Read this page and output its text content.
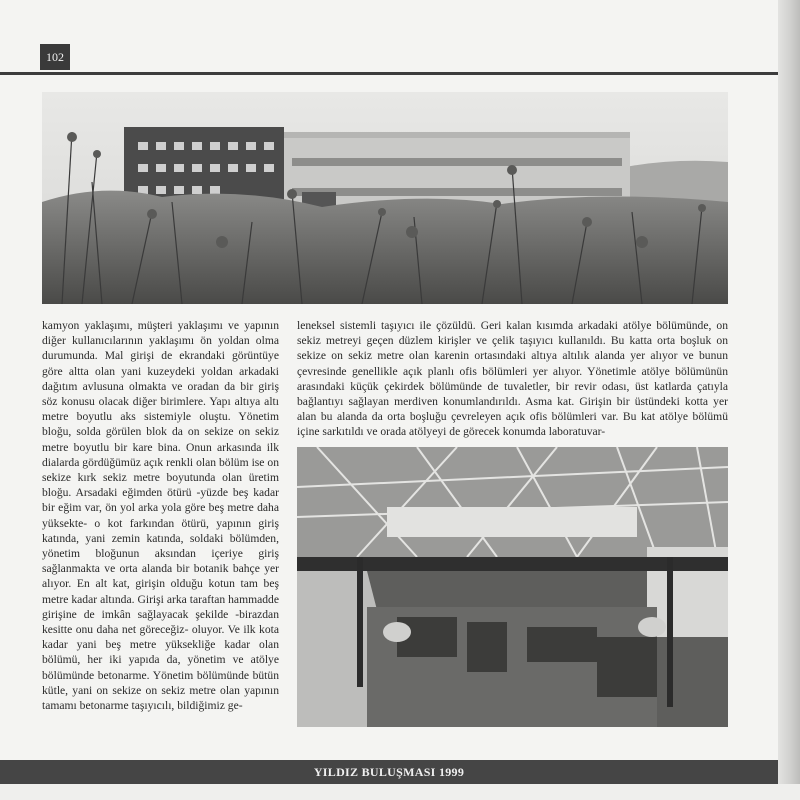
102
kamyon yaklaşımı, müşteri yaklaşımı ve yapının diğer kullanıcılarının yaklaşımı ön yoldan olma durumunda. Mal girişi de ekrandaki görüntüye göre altta olan yani kuzeydeki yoldan arkadaki dağıtım avlusuna olmakta ve oradan da bir giriş söz konusu olacak diğer birimlere. Yapı altıya altı metre boyutlu aks sistemiyle oluştu. Yönetim bloğu, solda görülen blok da on sekize on sekiz metre boyutlu bir kare bina. Onun arkasında ilk dialarda gördüğümüz açık renkli olan bölüm ise on sekize kırk sekiz metre boyutunda olan üretim bloğu. Arsadaki eğimden ötürü -yüzde beş kadar bir eğim var, ön yol arka yola göre beş metre daha yüksekte- o kot farkından ötürü, yapının giriş katında, yani zemin katında, soldaki bölümden, yönetim bloğunun aksından içeriye giriş sağlanmakta ve orta alanda bir botanik bahçe yer alıyor. En alt kat, girişin olduğu kotun tam beş metre kadar altında. Girişi arka taraftan hammadde girişine de imkân sağlayacak şekilde -birazdan kesitte onu daha net göreceğiz- oluyor. Ve ilk kota kadar yani beş metre yüksekliğe kadar olan bölümü, her iki yapıda da, yönetim ve atölye bölümünde betonarme. Yönetim bölümünde bütün kütle, yani on sekize on sekiz metre olan yapının tamamı betonarme taşıyıcılı, bildiğimiz ge-
leneksel sistemli taşıyıcı ile çözüldü. Geri kalan kısımda arkadaki atölye bölümünde, on sekiz metreyi geçen düzlem kirişler ve çelik taşıyıcı kullanıldı. Bu katta orta boşluk on sekize on sekiz metre olan karenin ortasındaki altıya altılık alanda yer alıyor ve bunun çevresinde genellikle açık planlı ofis bölümleri yer alıyor. Yönetimle atölye bölümünün arasındaki küçük çekirdek bölümünde de tuvaletler, bir revir odası, üst katlarda çatıyla bağlantıyı sağlayan merdiven konumlandırıldı. Asma kat. Girişin bir üstündeki kotta yer alan bu alanda da orta boşluğu çevreleyen açık ofis bölümleri var. Bu kat atölye bölümü içine sarkıtıldı ve orada atölyeyi de görecek konumda laboratuvar-
YILDIZ BULUŞMASI 1999
